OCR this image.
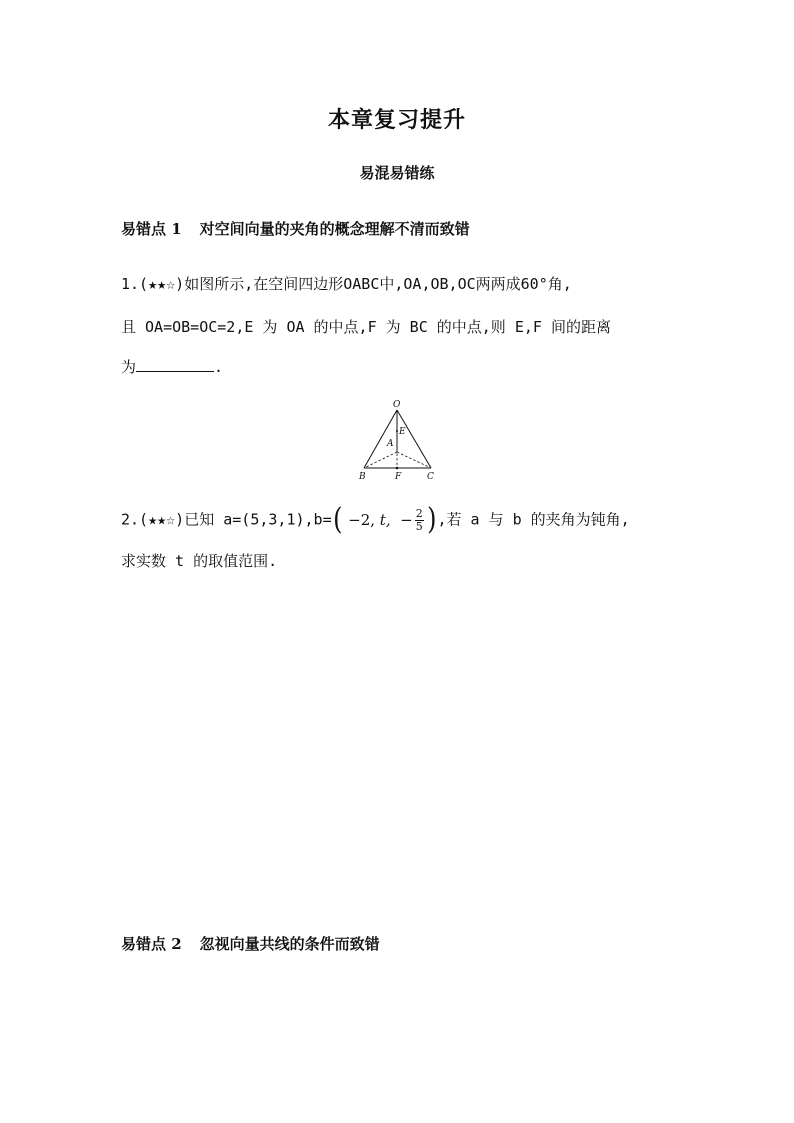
本章复习提升
易混易错练
易错点 1 对空间向量的夹角的概念理解不清而致错
1.(★★☆)如图所示,在空间四边形OABC中,OA,OB,OC两两成60°角,
且 OA=OB=OC=2,E 为 OA 的中点,F 为 BC 的中点,则 E,F 间的距离
为	.
O
E
A
B	F	C
2.(★★☆)已知 a=(5,3,1),b= (
−2,
t,
− $\frac{2}{5}$ ) ,若 a 与 b 的夹角为钝角,
求实数 t 的取值范围.
易错点 2 忽视向量共线的条件而致错
